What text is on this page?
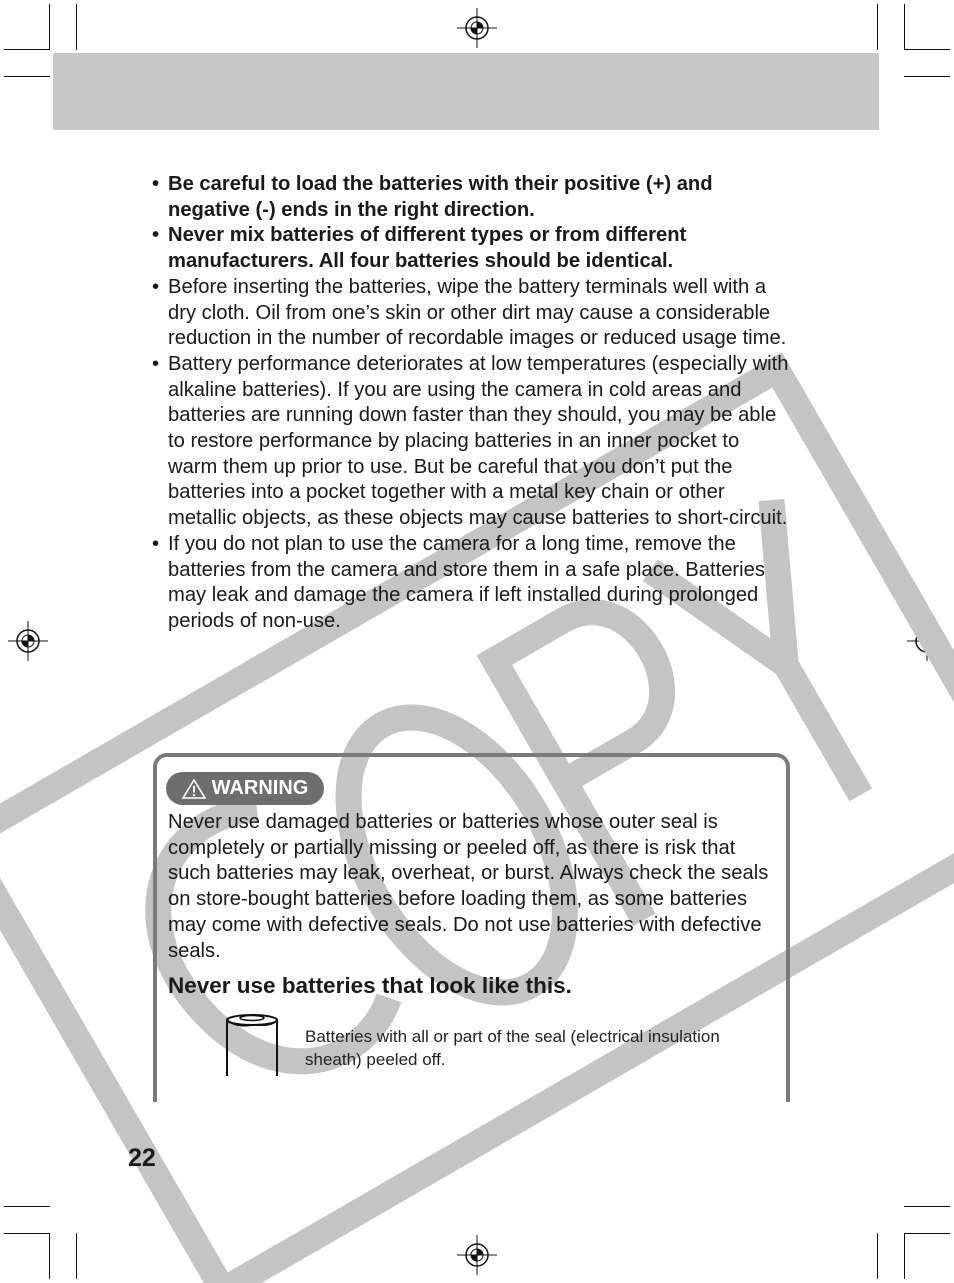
• Be careful to load the batteries with their positive (+) and negative (-) ends in the right direction.
• Never mix batteries of different types or from different manufacturers. All four batteries should be identical.
• Before inserting the batteries, wipe the battery terminals well with a dry cloth. Oil from one’s skin or other dirt may cause a considerable reduction in the number of recordable images or reduced usage time.
• Battery performance deteriorates at low temperatures (especially with alkaline batteries). If you are using the camera in cold areas and batteries are running down faster than they should, you may be able to restore performance by placing batteries in an inner pocket to warm them up prior to use. But be careful that you don’t put the batteries into a pocket together with a metal key chain or other metallic objects, as these objects may cause batteries to short-circuit.
• If you do not plan to use the camera for a long time, remove the batteries from the camera and store them in a safe place. Batteries may leak and damage the camera if left installed during prolonged periods of non-use.
WARNING

Never use damaged batteries or batteries whose outer seal is completely or partially missing or peeled off, as there is risk that such batteries may leak, overheat, or burst. Always check the seals on store-bought batteries before loading them, as some batteries may come with defective seals. Do not use batteries with defective seals.

Never use batteries that look like this.

Batteries with all or part of the seal (electrical insulation sheath) peeled off.

22
